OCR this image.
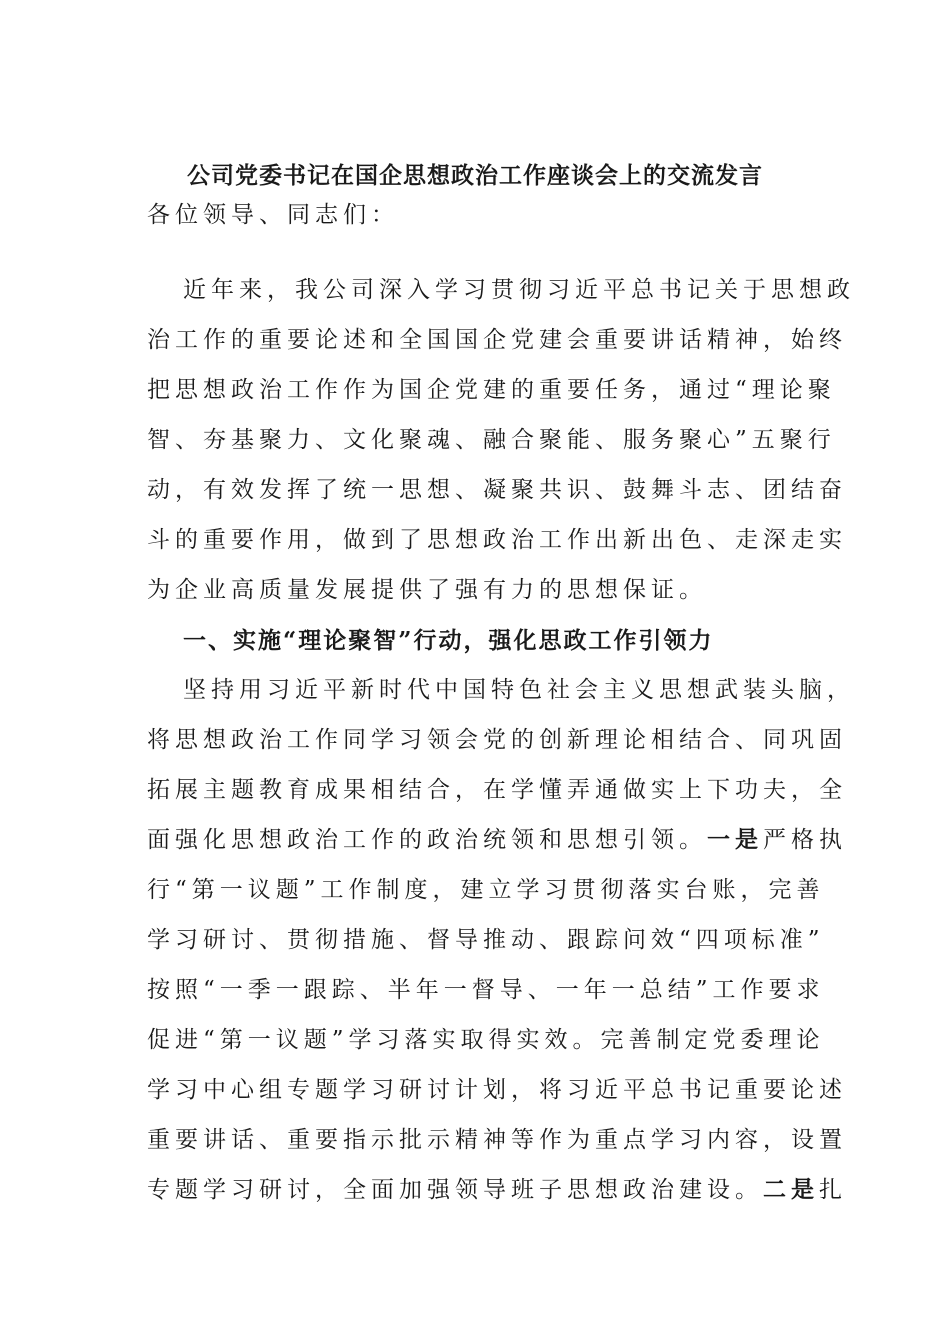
公司党委书记在国企思想政治工作座谈会上的交流发言
各位领导、同志们：
近年来，我公司深入学习贯彻习近平总书记关于思想政
治工作的重要论述和全国国企党建会重要讲话精神，始终
把思想政治工作作为国企党建的重要任务，通过“理论聚
智、夯基聚力、文化聚魂、融合聚能、服务聚心”五聚行
动，有效发挥了统一思想、凝聚共识、鼓舞斗志、团结奋
斗的重要作用，做到了思想政治工作出新出色、走深走实
为企业高质量发展提供了强有力的思想保证。
一、实施“理论聚智”行动，强化思政工作引领力
坚持用习近平新时代中国特色社会主义思想武装头脑，
将思想政治工作同学习领会党的创新理论相结合、同巩固
拓展主题教育成果相结合，在学懂弄通做实上下功夫，全
面强化思想政治工作的政治统领和思想引领。一是严格执
行“第一议题”工作制度，建立学习贯彻落实台账，完善
学习研讨、贯彻措施、督导推动、跟踪问效“四项标准”
按照“一季一跟踪、半年一督导、一年一总结”工作要求
促进“第一议题”学习落实取得实效。完善制定党委理论
学习中心组专题学习研讨计划，将习近平总书记重要论述
重要讲话、重要指示批示精神等作为重点学习内容，设置
专题学习研讨，全面加强领导班子思想政治建设。二是扎
